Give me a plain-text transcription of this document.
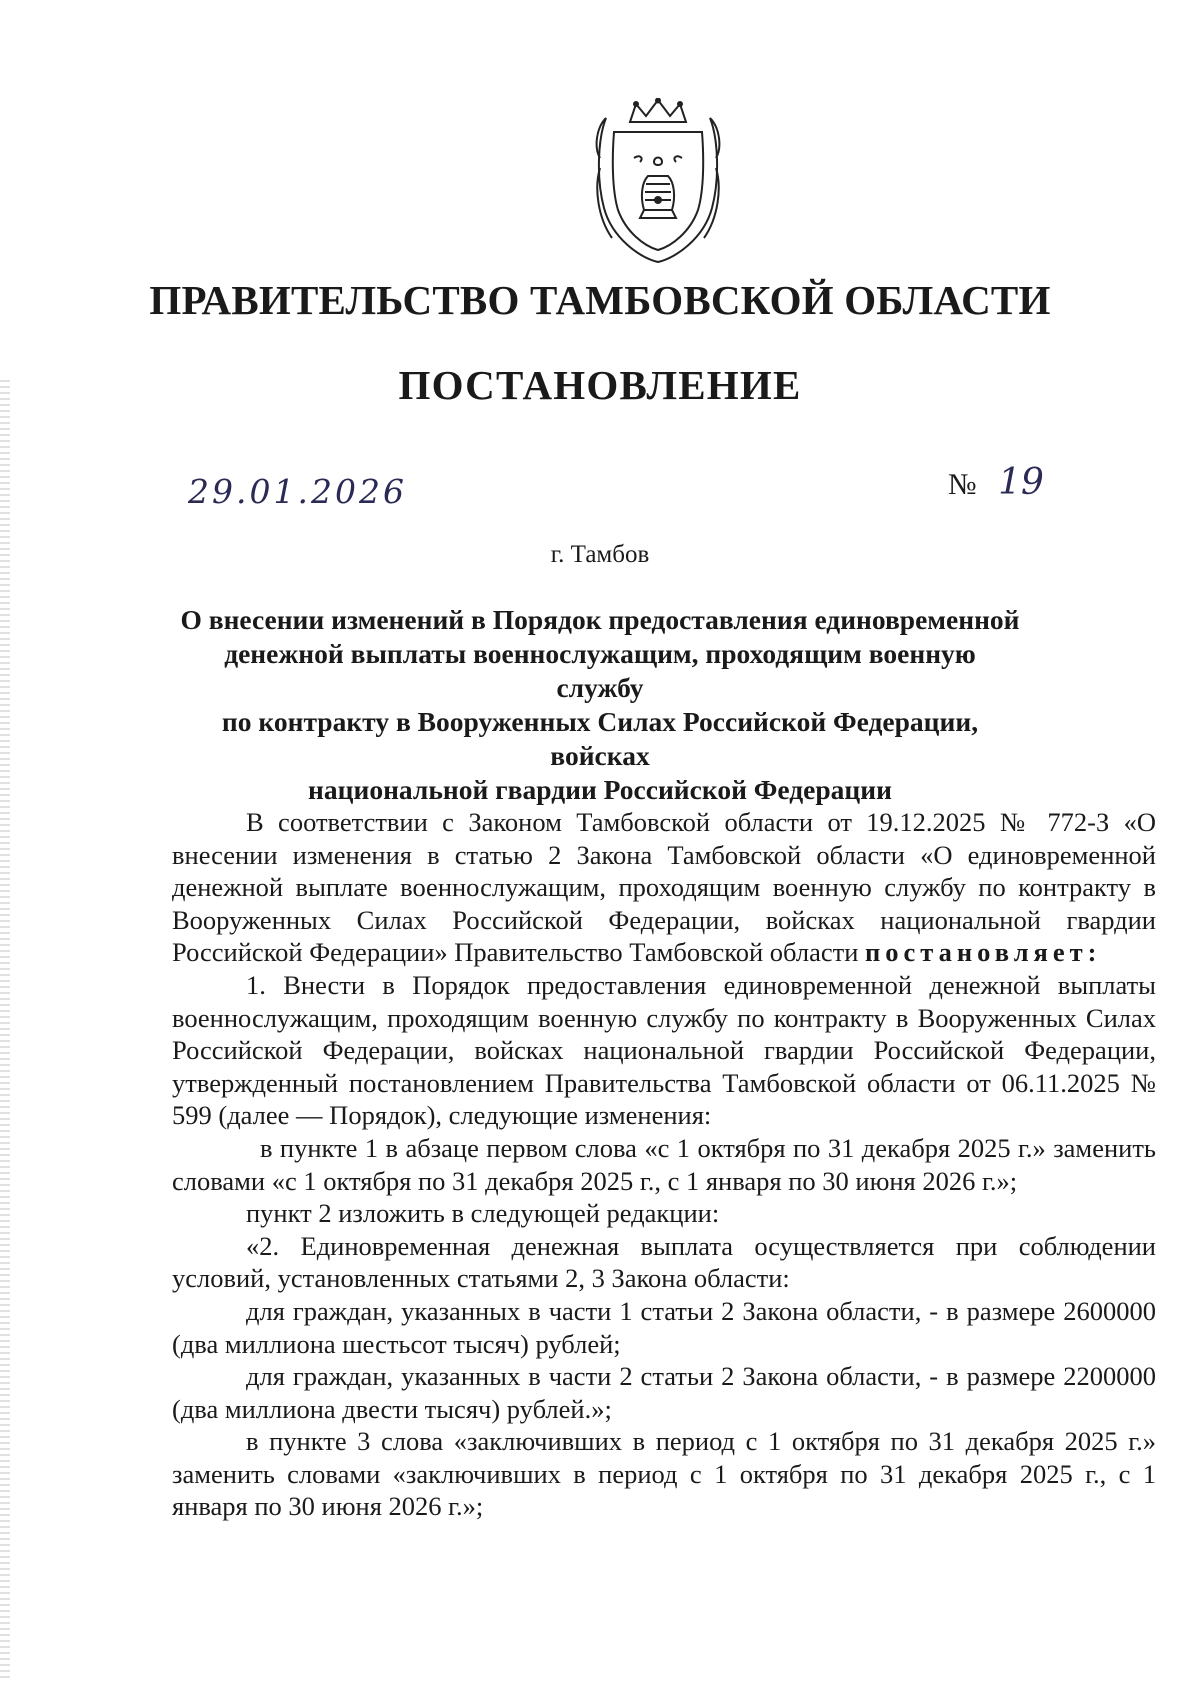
ПРАВИТЕЛЬСТВО ТАМБОВСКОЙ ОБЛАСТИ
ПОСТАНОВЛЕНИЕ
29.01.2026	№ 19
г. Тамбов
О внесении изменений в Порядок предоставления единовременной
денежной выплаты военнослужащим, проходящим военную службу
по контракту в Вооруженных Силах Российской Федерации, войсках
национальной гвардии Российской Федерации

В соответствии с Законом Тамбовской области от 19.12.2025 № 772-З «О внесении изменения в статью 2 Закона Тамбовской области «О единовременной денежной выплате военнослужащим, проходящим военную службу по контракту в Вооруженных Силах Российской Федерации, войсках национальной гвардии Российской Федерации» Правительство Тамбовской области постановляет:

1. Внести в Порядок предоставления единовременной денежной выплаты военнослужащим, проходящим военную службу по контракту в Вооруженных Силах Российской Федерации, войсках национальной гвардии Российской Федерации, утвержденный постановлением Правительства Тамбовской области от 06.11.2025 № 599 (далее — Порядок), следующие изменения:

в пункте 1 в абзаце первом слова «с 1 октября по 31 декабря 2025 г.» заменить словами «с 1 октября по 31 декабря 2025 г., с 1 января по 30 июня 2026 г.»;

пункт 2 изложить в следующей редакции:

«2. Единовременная денежная выплата осуществляется при соблюдении условий, установленных статьями 2, 3 Закона области:

для граждан, указанных в части 1 статьи 2 Закона области, - в размере 2600000 (два миллиона шестьсот тысяч) рублей;

для граждан, указанных в части 2 статьи 2 Закона области, - в размере 2200000 (два миллиона двести тысяч) рублей.»;

в пункте 3 слова «заключивших в период с 1 октября по 31 декабря 2025 г.» заменить словами «заключивших в период с 1 октября по 31 декабря 2025 г., с 1 января по 30 июня 2026 г.»;
